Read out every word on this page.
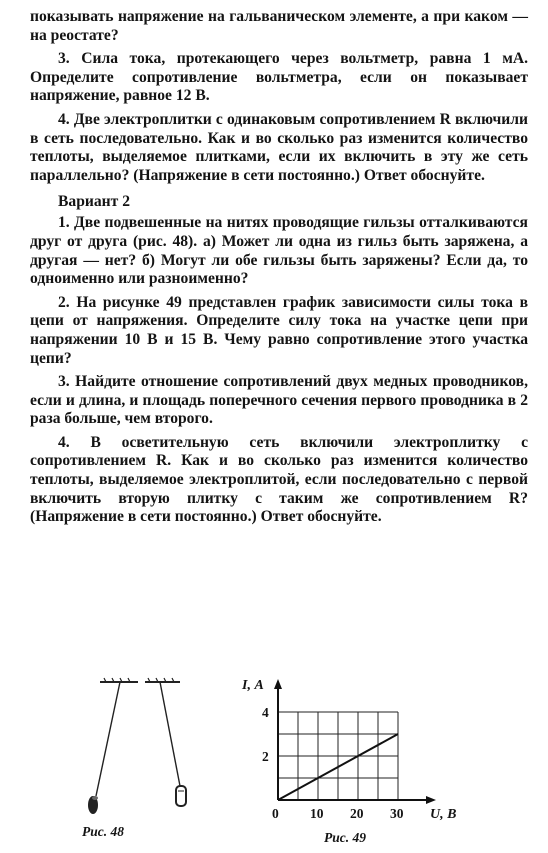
показывать напряжение на гальваническом элементе, а при каком — на реостате?

3. Сила тока, протекающего через вольтметр, равна 1 мА. Определите сопротивление вольтметра, если он показывает напряжение, равное 12 В.

4. Две электроплитки с одинаковым сопротивлением R включили в сеть последовательно. Как и во сколько раз изменится количество теплоты, выделяемое плитками, если их включить в эту же сеть параллельно? (Напряжение в сети постоянно.) Ответ обоснуйте.

Вариант 2

1. Две подвешенные на нитях проводящие гильзы отталкиваются друг от друга (рис. 48). а) Может ли одна из гильз быть заряжена, а другая — нет? б) Могут ли обе гильзы быть заряжены? Если да, то одноименно или разноименно?

2. На рисунке 49 представлен график зависимости силы тока в цепи от напряжения. Определите силу тока на участке цепи при напряжении 10 В и 15 В. Чему равно сопротивление этого участка цепи?

3. Найдите отношение сопротивлений двух медных проводников, если и длина, и площадь поперечного сечения первого проводника в 2 раза больше, чем второго.

4. В осветительную сеть включили электроплитку с сопротивлением R. Как и во сколько раз изменится количество теплоты, выделяемое электроплитой, если последовательно с первой включить вторую плитку с таким же сопротивлением R? (Напряжение в сети постоянно.) Ответ обоснуйте.

Рис. 48
0 10 20 30
2
4
I, А
U, В
Рис. 49
